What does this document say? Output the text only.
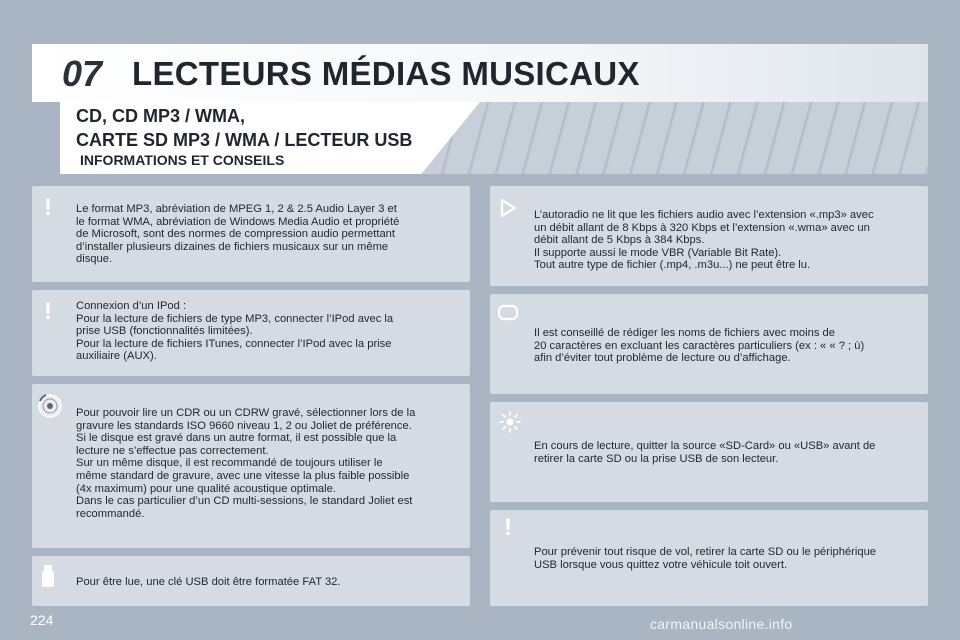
07 LECTEURS MÉDIAS MUSICAUX
CD, CD MP3 / WMA,
CARTE SD MP3 / WMA / LECTEUR USB
INFORMATIONS ET CONSEILS
! Le format MP3, abréviation de MPEG 1, 2 & 2.5 Audio Layer 3 et
le format WMA, abréviation de Windows Media Audio et propriété
de Microsoft, sont des normes de compression audio permettant
d’installer plusieurs dizaines de fichiers musicaux sur un même
disque.
! Connexion d’un IPod :
Pour la lecture de fichiers de type MP3, connecter l’IPod avec la
prise USB (fonctionnalités limitées).
Pour la lecture de fichiers ITunes, connecter l’IPod avec la prise
auxiliaire (AUX).
Pour pouvoir lire un CDR ou un CDRW gravé, sélectionner lors de la
gravure les standards ISO 9660 niveau 1, 2 ou Joliet de préférence.
Si le disque est gravé dans un autre format, il est possible que la
lecture ne s’effectue pas correctement.
Sur un même disque, il est recommandé de toujours utiliser le
même standard de gravure, avec une vitesse la plus faible possible
(4x maximum) pour une qualité acoustique optimale.
Dans le cas particulier d’un CD multi-sessions, le standard Joliet est
recommandé.
Pour être lue, une clé USB doit être formatée FAT 32.
L’autoradio ne lit que les fichiers audio avec l’extension «.mp3» avec
un débit allant de 8 Kbps à 320 Kbps et l’extension «.wma» avec un
débit allant de 5 Kbps à 384 Kbps.
Il supporte aussi le mode VBR (Variable Bit Rate).
Tout autre type de fichier (.mp4, .m3u...) ne peut être lu.
Il est conseillé de rédiger les noms de fichiers avec moins de
20 caractères en excluant les caractères particuliers (ex : « « ? ; ù)
afin d’éviter tout problème de lecture ou d’affichage.
En cours de lecture, quitter la source «SD-Card» ou «USB» avant de
retirer la carte SD ou la prise USB de son lecteur.
!
Pour prévenir tout risque de vol, retirer la carte SD ou le périphérique
USB lorsque vous quittez votre véhicule toit ouvert.
224	carmanualsonline.info
